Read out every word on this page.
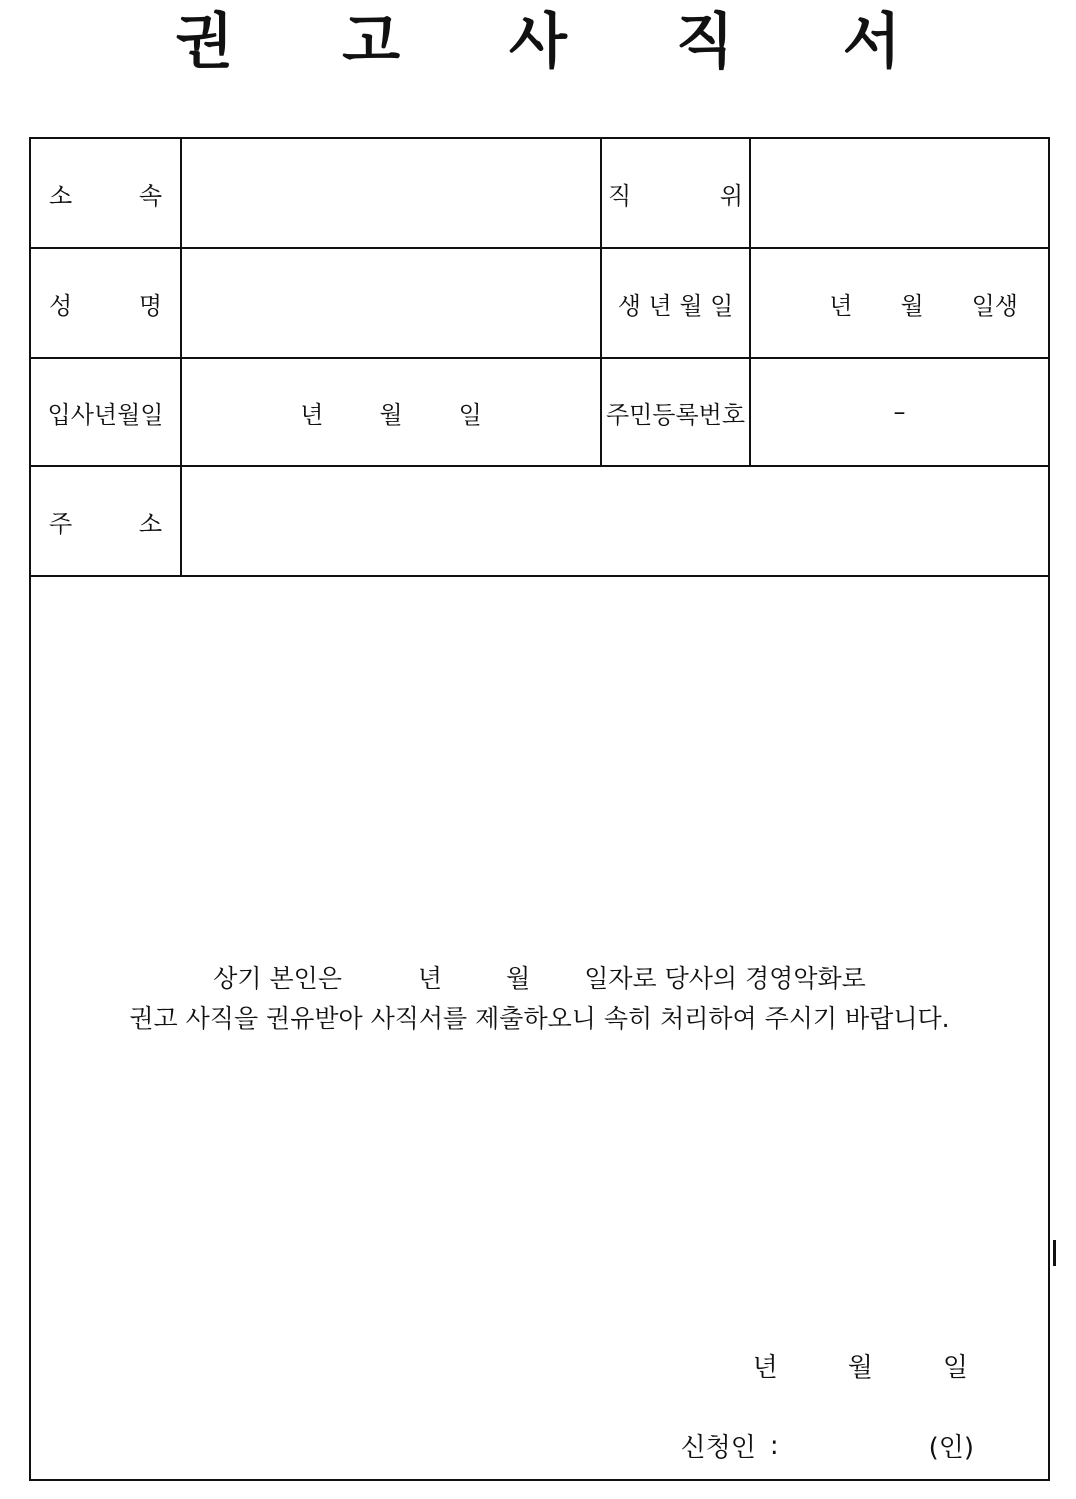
권 고 사 직 서
소 속		직 위	

성 명		생 년 월 일	년 월 일생

입사년월일	년 월 일	주민등록번호	–

주 소			

상기 본인은	년	월 일자로 당사의 경영악화로
권고 사직을 권유받아 사직서를 제출하오니 속히 처리하여 주시기 바랍니다.
년	월	일
신청인 :	(인)
